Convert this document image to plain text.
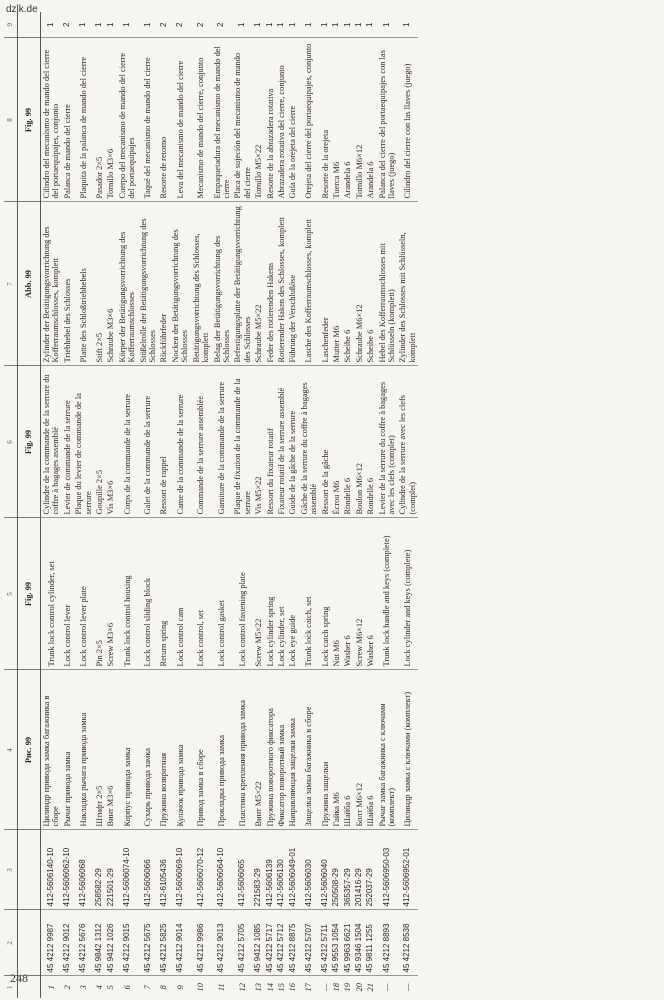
dzlk.de
248
1	2	3	4	5	6	7	8	9
			Рис. 99	Fig. 99	Fig. 99	Abb. 99	Fig. 99	
1	45 4212 9987	412-5606140-10	Цилиндр привода замка багажника в сборе	Trunk lock control cylinder, set	Cylindre de la commande de la serrure du coffre à bagages assemblé	Zylinder der Betätigungsvorrichtung des Kofferraumschlosses, komplett	Cilindro del mecanismo de mando del cierre del portaequipajes, conjunto	1
2	45 4212 9012	412-5606062-10	Рычаг привода замка	Lock control lever	Levier de commande de la serrure	Triebhebel des Schlosses	Palanca de mando del cierre	2
3	45 4212 5676	412-5606068	Накладка рычага привода замка	Lock control lever plate	Plaque du levier de commande de la serrure	Platte des Schloßtriebhebels	Plaquita de la palanca de mando del cierre	1
4	45 9842 1312	258582-29	Штифт 2×5	Pin 2×5	Goupille 2×5	Stift 2×5	Pasador 2×5	1
5	45 9412 1026	221501-29	Винт М3×6	Screw M3×6	Vis M3×6	Schraube M3×6	Tornillo M3×6	1
6	45 4212 9015	412-5606074-10	Корпус привода замка	Trunk lock control housing	Corps de la commande de la serrure	Körper der Betätigungsvorrichtung des Kofferraumschlosses	Cuerpo del mecanismo de mando del cierre del portaequipajes	1
7	45 4212 5675	412-5606066	Сухарь привода замка	Lock control sliding block	Galet de la commande de la serrure	Stößelrolle der Betätigungsvorrichtung des Schlosses	Taqué del mecanismo de mando del cierre	1
8	45 4212 5825	412-6105436	Пружина возвратная	Return spring	Ressort de rappel	Rückführfeder	Resorte de retorno	2
9	45 4212 9014	412-5606069-10	Кулачок привода замка	Lock control cam	Came de la commande de la serrure	Nocken der Betätigungsvorrichtung des Schlosses	Leva del mecanismo de mando del cierre	2
10	45 4212 9986	412-5606070-12	Привод замка в сборе	Lock control, set	Commande de la serrure assemblée	Betätigungsvorrichtung des Schlosses, komplett	Mecanismo de mando del cierre, conjunto	2
11	45 4212 9013	412-5606064-10	Прокладка привода замка	Lock control gasket	Garniture de la commande de la serrure	Belag der Betätigungsvorrichtung des Schlosses	Empaquetadura del mecanismo de mando del cierre	2
12	45 4212 5705	412-5606065	Пластина крепления привода замка	Lock control fastening plate	Plaque de fixation de la commande de la serrure	Befestigungsplatte der Betätigungsvorrichtung des Schlosses	Placa de sujeción del mecanismo de mando del cierre	1
13	45 9412 1085	221583-29	Винт М5×22	Screw M5×22	Vis M5×22	Schraube M5×22	Tornillo M5×22	1
14	45 4212 5717	412-5606139	Пружина поворотного фиксатора	Lock cylinder spring	Ressort du fixateur rotatif	Feder des rotierenden Hakens	Resorte de la abrazadera rotativa	1
15	45 4212 5712	412-5606130	Фиксатор поворотный замка	Lock cylinder, set	Fixateur rotatif de la serrure assemblé	Rotierender Haken des Schlosses, komplett	Abrazadera rotativa del cierre, conjunto	1
16	45 4212 8875	412-5606049-01	Направляющая защелки замка	Lock eye guide	Guide de la gâche de la serrure	Führung der Verschlußöse	Guía de la orejeta del cierre	1
17	45 4212 5707	412-5606030	Защелка замка багажника в сборе	Trunk lock catch, set	Gâche de la serrure du coffre à bagages assemblé	Lasche des Kofferraumschlosses, komplett	Orejeta del cierre del portaequipajes, conjunto	1
—	45 4212 5711	412-5606040	Пружина защелки	Lock catch spring	Ressort de la gâche	Laschenfeder	Resorte de la orejeta	1
18	45 9553 1054	250508-29	Гайка М6	Nut M6	Écrou M6	Mutter M6	Tuerca M6	1
19	45 9963 6621	365357-29	Шайба 6	Washer 6	Rondelle 6	Scheibe 6	Arandela 6	1
20	45 9346 1504	201416-29	Болт М6×12	Screw M6×12	Boulon M6×12	Schraube M6×12	Tornillo M6×12	1
21	45 9811 1255	252037-29	Шайба 6	Washer 6	Rondelle 6	Scheibe 6	Arandela 6	1
—	45 4212 8893	412-5606950-03	Рычаг замка багажника с ключами (комплект)	Trunk lock handle and keys (complete)	Levier de la serrure du coffre à bagages avec les clefs (complet)	Hebel des Kofferraumschlosses mit Schlüsseln (komplett)	Palanca del cierre del portaequipajes con las llaves (juego)	1
—	45 4212 8538	412-5606952-01	Цилиндр замка с ключами (комплект)	Lock cylinder and keys (complete)	Cylindre de la serrure avec les clefs (complet)	Zylinder des Schlosses mit Schlüsseln, komplett	Cilindro del cierre con las llaves (juego)	1
